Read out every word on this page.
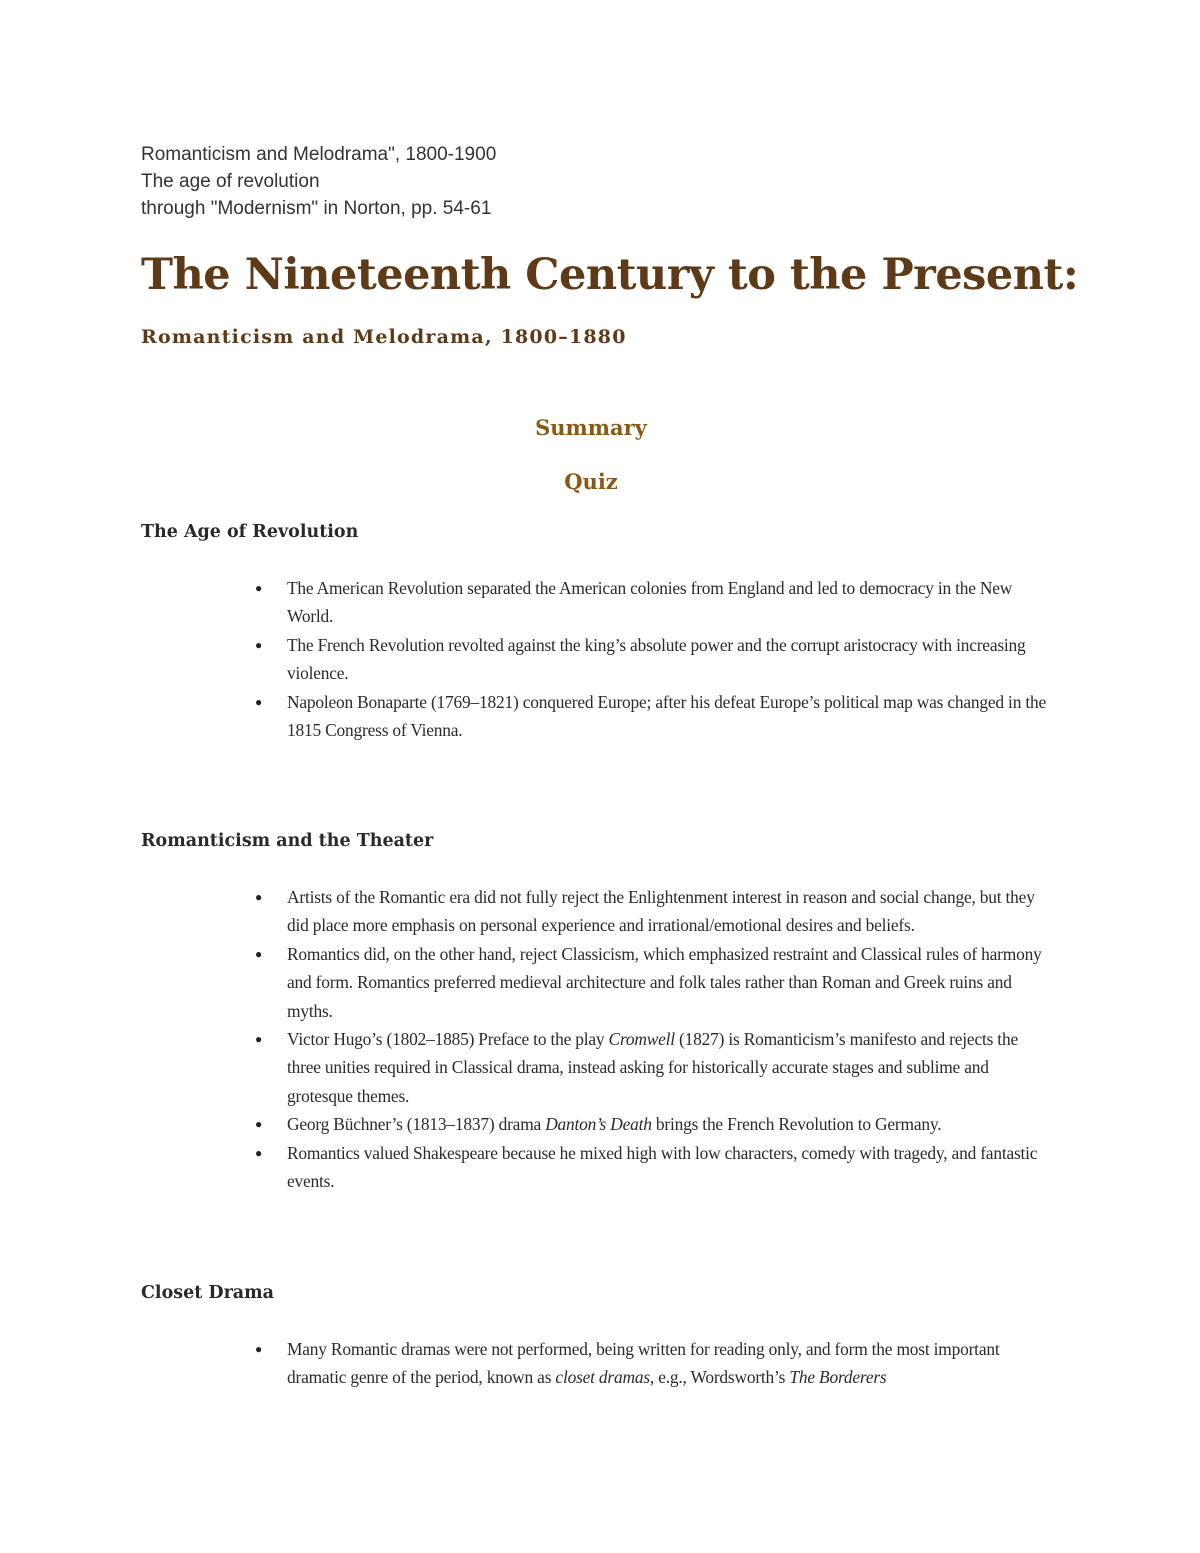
Romanticism and Melodrama", 1800-1900
The age of revolution
through "Modernism" in Norton, pp. 54-61
The Nineteenth Century to the Present: Romanticism and Melodrama, 1800–1880
Summary
Quiz
The Age of Revolution
● The American Revolution separated the American colonies from England and led to democracy in the New World.
● The French Revolution revolted against the king’s absolute power and the corrupt aristocracy with increasing violence.
● Napoleon Bonaparte (1769–1821) conquered Europe; after his defeat Europe’s political map was changed in the 1815 Congress of Vienna.
Romanticism and the Theater
● Artists of the Romantic era did not fully reject the Enlightenment interest in reason and social change, but they did place more emphasis on personal experience and irrational/emotional desires and beliefs.
● Romantics did, on the other hand, reject Classicism, which emphasized restraint and Classical rules of harmony and form. Romantics preferred medieval architecture and folk tales rather than Roman and Greek ruins and myths.
● Victor Hugo’s (1802–1885) Preface to the play Cromwell (1827) is Romanticism’s manifesto and rejects the three unities required in Classical drama, instead asking for historically accurate stages and sublime and grotesque themes.
● Georg Büchner’s (1813–1837) drama Danton’s Death brings the French Revolution to Germany.
● Romantics valued Shakespeare because he mixed high with low characters, comedy with tragedy, and fantastic events.
Closet Drama
● Many Romantic dramas were not performed, being written for reading only, and form the most important dramatic genre of the period, known as closet dramas, e.g., Wordsworth’s The Borderers
